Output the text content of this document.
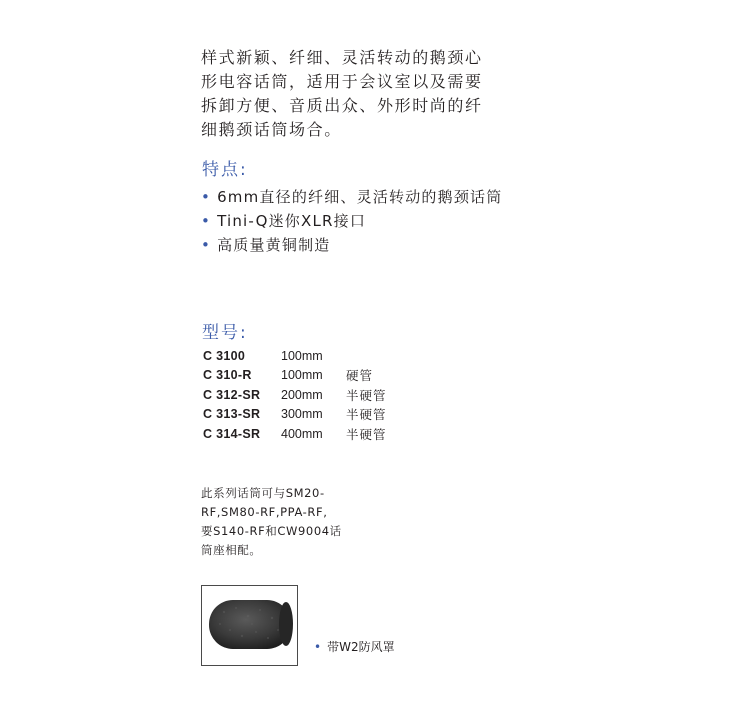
样式新颖、纤细、灵活转动的鹅颈心
形电容话筒，适用于会议室以及需要
拆卸方便、音质出众、外形时尚的纤
细鹅颈话筒场合。
特点:
• 6mm直径的纤细、灵活转动的鹅颈话筒
• Tini-Q迷你XLR接口
• 高质量黄铜制造
型号:
C 3100	100mm	
C 310-R	100mm	硬管
C 312-SR	200mm	半硬管
C 313-SR	300mm	半硬管
C 314-SR	400mm	半硬管
此系列话筒可与SM20-
RF,SM80-RF,PPA-RF,
要S140-RF和CW9004话
筒座相配。
• 带W2防风罩
